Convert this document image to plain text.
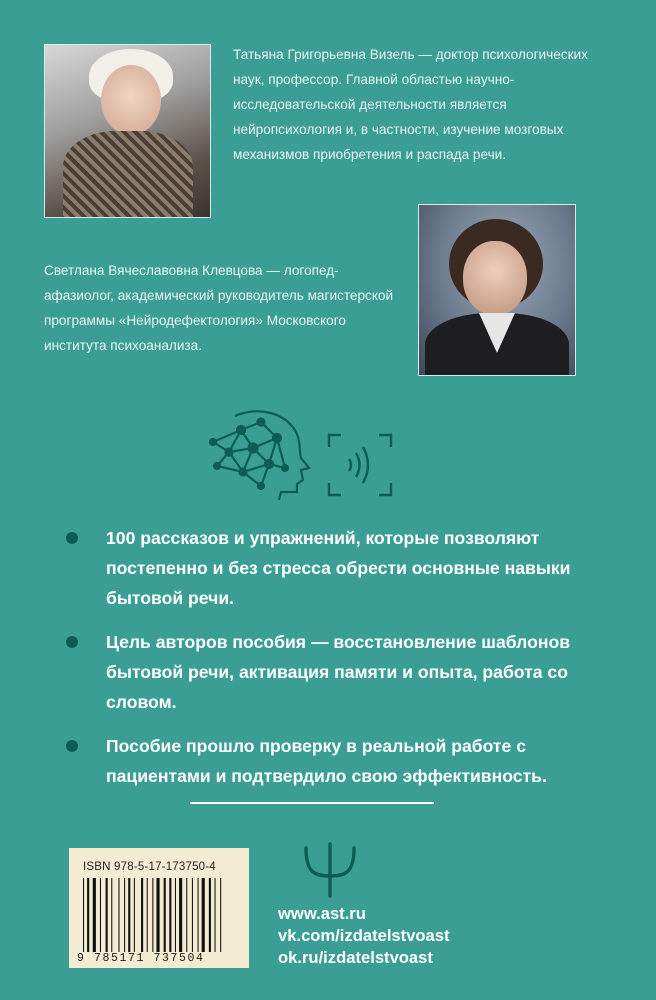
Татьяна Григорьевна Визель — доктор психологических наук, профессор. Главной областью научно- исследовательской деятельности является нейропсихология и, в частности, изучение мозговых механизмов приобретения и распада речи.

Светлана Вячеславовна Клевцова — логопед-афазиолог, академический руководитель магистерской программы «Нейродефектология» Московского института психоанализа.

100 рассказов и упражнений, которые позволяют постепенно и без стресса обрести основные навыки бытовой речи.
Цель авторов пособия — восстановление шаблонов бытовой речи, активация памяти и опыта, работа со словом.
Пособие прошло проверку в реальной работе с пациентами и подтвердило свою эффективность.
ISBN 978-5-17-173750-4
9 785171 737504
www.ast.ru
vk.com/izdatelstvoast
ok.ru/izdatelstvoast
